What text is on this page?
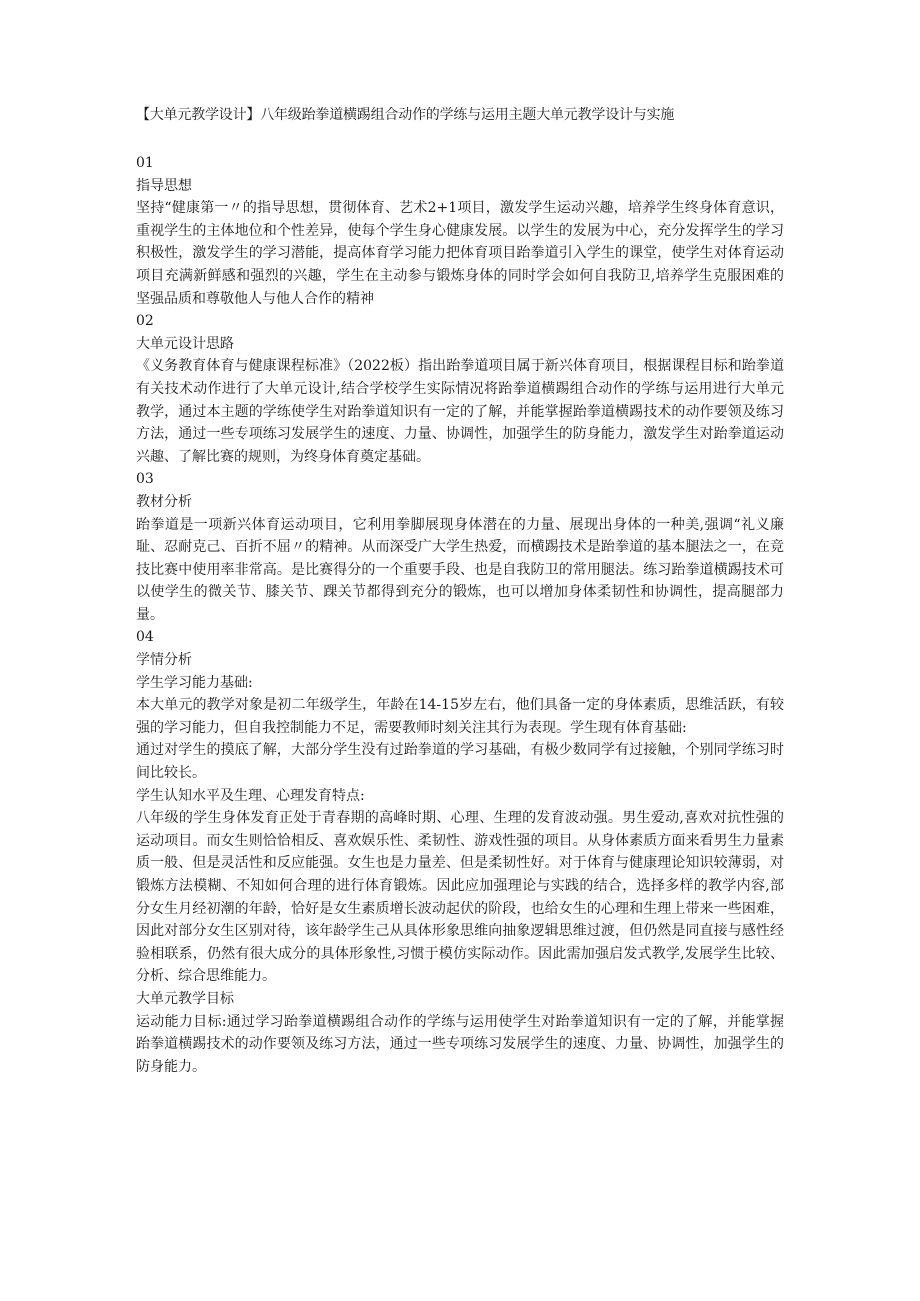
【大单元教学设计】八年级跆拳道横踢组合动作的学练与运用主题大单元教学设计与实施
01
指导思想

坚持“健康第一〃的指导思想，贯彻体育、艺术2+1项目，激发学生运动兴趣，培养学生终身体育意识，重视学生的主体地位和个性差异，使每个学生身心健康发展。以学生的发展为中心，充分发挥学生的学习积极性，激发学生的学习潜能，提高体育学习能力把体育项目跆拳道引入学生的课堂，使学生对体育运动项目充满新鲜感和强烈的兴趣，学生在主动参与锻炼身体的同时学会如何自我防卫,培养学生克服困难的坚强品质和尊敬他人与他人合作的精神

02
大单元设计思路

《义务教育体育与健康课程标准》（2022板）指出跆拳道项目属于新兴体育项目，根据课程目标和跆拳道有关技术动作进行了大单元设计,结合学校学生实际情况将跆拳道横踢组合动作的学练与运用进行大单元教学，通过本主题的学练使学生对跆拳道知识有一定的了解，并能掌握跆拳道横踢技术的动作要领及练习方法，通过一些专项练习发展学生的速度、力量、协调性，加强学生的防身能力，激发学生对跆拳道运动兴趣、了解比赛的规则，为终身体育奠定基础。

03
教材分析

跆拳道是一项新兴体育运动项目，它利用拳脚展现身体潜在的力量、展现出身体的一种美,强调“礼义廉耻、忍耐克己、百折不屈〃的精神。从而深受广大学生热爱，而横踢技术是跆拳道的基本腿法之一，在竞技比赛中使用率非常高。是比赛得分的一个重要手段、也是自我防卫的常用腿法。练习跆拳道横踢技术可以使学生的微关节、膝关节、踝关节都得到充分的锻炼，也可以增加身体柔韧性和协调性，提高腿部力量。

04
学情分析
学生学习能力基础:

本大单元的教学对象是初二年级学生，年龄在14-15岁左右，他们具备一定的身体素质，思维活跃，有较强的学习能力，但自我控制能力不足，需要教师时刻关注其行为表现。学生现有体育基础:

通过对学生的摸底了解，大部分学生没有过跆拳道的学习基础，有极少数同学有过接触，个别同学练习时间比较长。

学生认知水平及生理、心理发育特点:

八年级的学生身体发育正处于青春期的高峰时期、心理、生理的发育波动强。男生爱动,喜欢对抗性强的运动项目。而女生则恰恰相反、喜欢娱乐性、柔韧性、游戏性强的项目。从身体素质方面来看男生力量素质一般、但是灵活性和反应能强。女生也是力量差、但是柔韧性好。对于体育与健康理论知识较薄弱，对锻炼方法模糊、不知如何合理的进行体育锻炼。因此应加强理论与实践的结合，选择多样的教学内容,部分女生月经初潮的年龄，恰好是女生素质增长波动起伏的阶段，也给女生的心理和生理上带来一些困难，因此对部分女生区别对待，该年龄学生己从具体形象思维向抽象逻辑思维过渡，但仍然是同直接与感性经验相联系，仍然有很大成分的具体形象性,习惯于模仿实际动作。因此需加强启发式教学,发展学生比较、分析、综合思维能力。

大单元教学目标

运动能力目标:通过学习跆拳道横踢组合动作的学练与运用使学生对跆拳道知识有一定的了解，并能掌握跆拳道横踢技术的动作要领及练习方法，通过一些专项练习发展学生的速度、力量、协调性，加强学生的防身能力。
